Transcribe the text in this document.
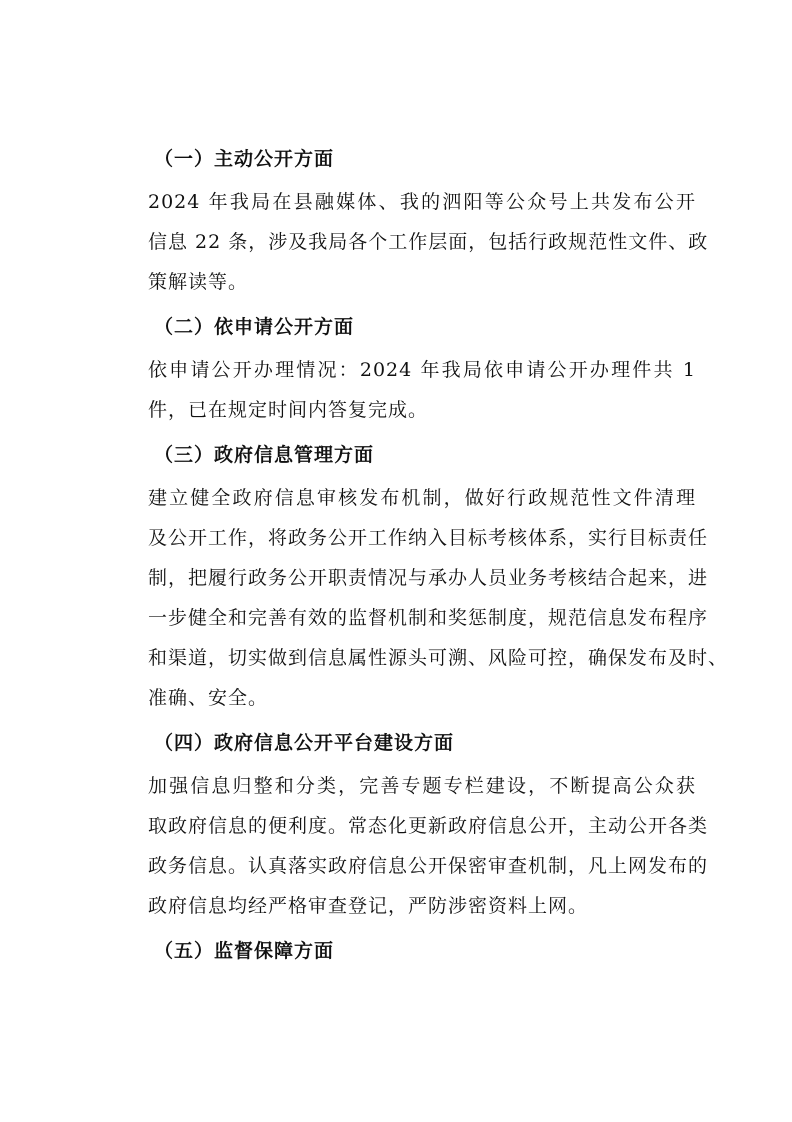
（一）主动公开方面
2024 年我局在县融媒体、我的泗阳等公众号上共发布公开
信息 22 条，涉及我局各个工作层面，包括行政规范性文件、政
策解读等。
（二）依申请公开方面
依申请公开办理情况：2024 年我局依申请公开办理件共 1
件，已在规定时间内答复完成。
（三）政府信息管理方面
建立健全政府信息审核发布机制，做好行政规范性文件清理
及公开工作，将政务公开工作纳入目标考核体系，实行目标责任
制，把履行政务公开职责情况与承办人员业务考核结合起来，进
一步健全和完善有效的监督机制和奖惩制度，规范信息发布程序
和渠道，切实做到信息属性源头可溯、风险可控，确保发布及时、
准确、安全。
（四）政府信息公开平台建设方面
加强信息归整和分类，完善专题专栏建设，不断提高公众获
取政府信息的便利度。常态化更新政府信息公开，主动公开各类
政务信息。认真落实政府信息公开保密审查机制，凡上网发布的
政府信息均经严格审查登记，严防涉密资料上网。
（五）监督保障方面
